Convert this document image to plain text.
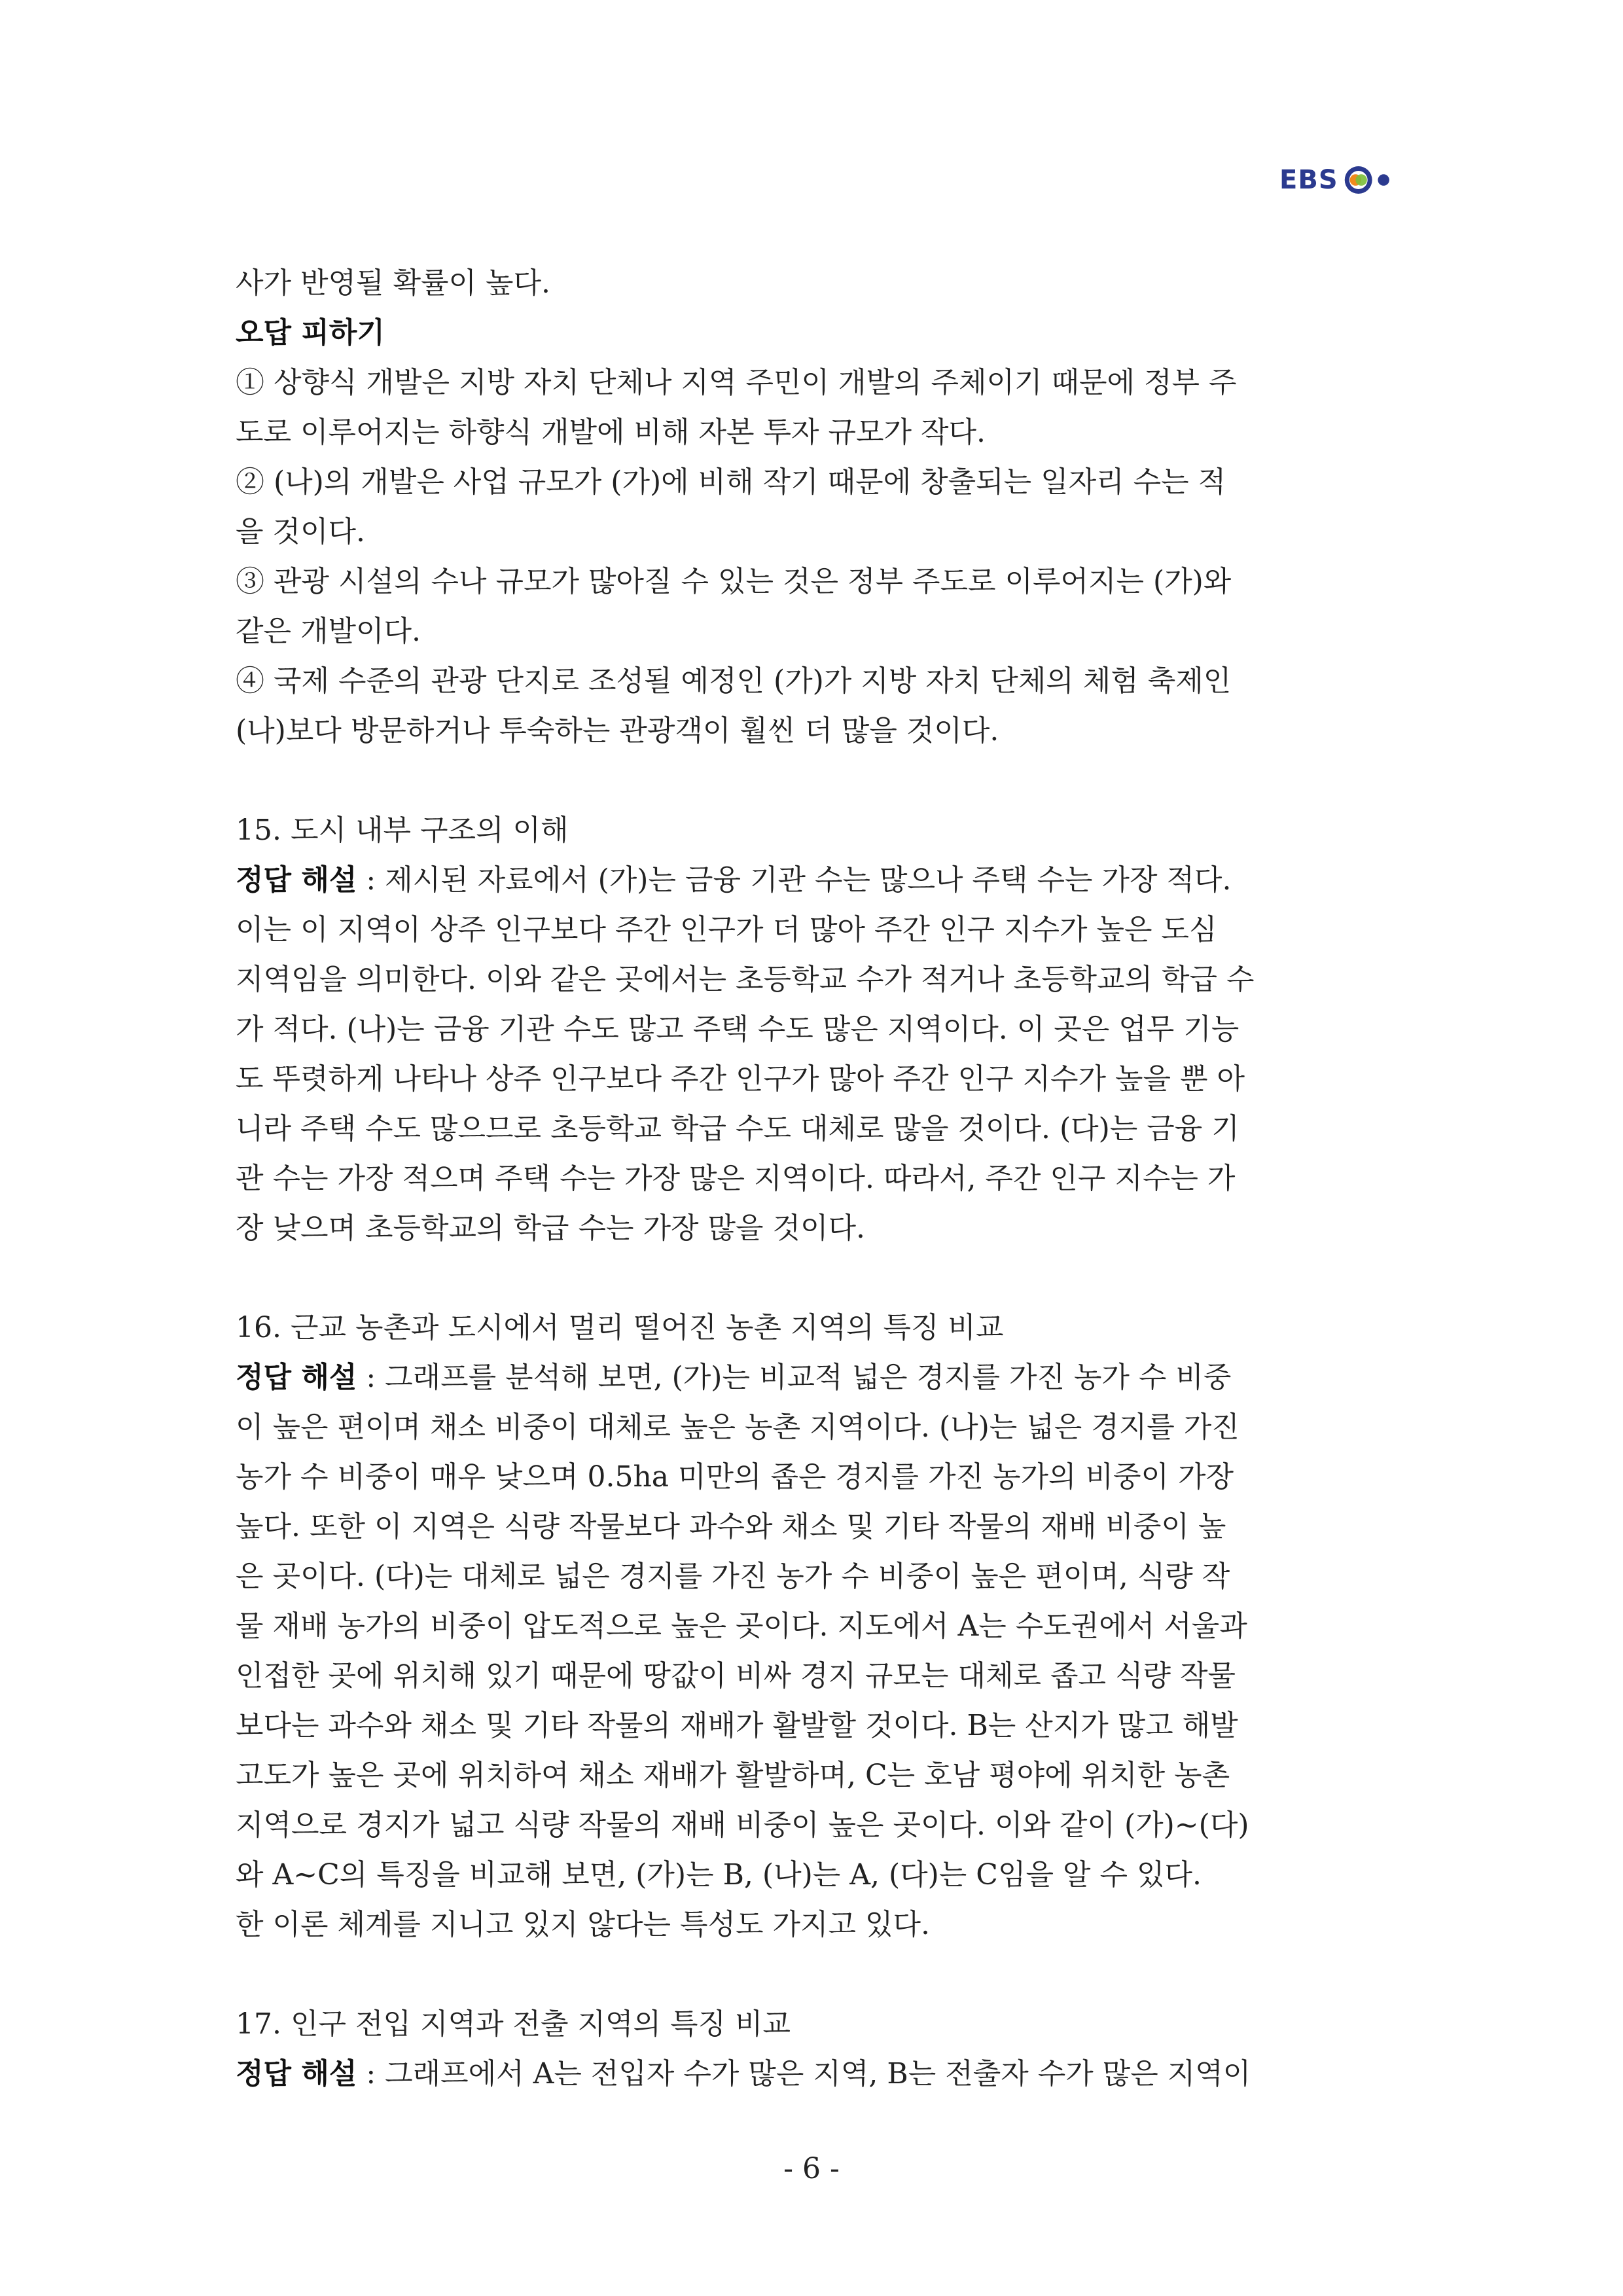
EBS
사가 반영될 확률이 높다.
오답 피하기
① 상향식 개발은 지방 자치 단체나 지역 주민이 개발의 주체이기 때문에 정부 주
도로 이루어지는 하향식 개발에 비해 자본 투자 규모가 작다.
② (나)의 개발은 사업 규모가 (가)에 비해 작기 때문에 창출되는 일자리 수는 적
을 것이다.
③ 관광 시설의 수나 규모가 많아질 수 있는 것은 정부 주도로 이루어지는 (가)와
같은 개발이다.
④ 국제 수준의 관광 단지로 조성될 예정인 (가)가 지방 자치 단체의 체험 축제인
(나)보다 방문하거나 투숙하는 관광객이 훨씬 더 많을 것이다.
15. 도시 내부 구조의 이해
정답 해설 : 제시된 자료에서 (가)는 금융 기관 수는 많으나 주택 수는 가장 적다.
이는 이 지역이 상주 인구보다 주간 인구가 더 많아 주간 인구 지수가 높은 도심
지역임을 의미한다. 이와 같은 곳에서는 초등학교 수가 적거나 초등학교의 학급 수
가 적다. (나)는 금융 기관 수도 많고 주택 수도 많은 지역이다. 이 곳은 업무 기능
도 뚜렷하게 나타나 상주 인구보다 주간 인구가 많아 주간 인구 지수가 높을 뿐 아
니라 주택 수도 많으므로 초등학교 학급 수도 대체로 많을 것이다. (다)는 금융 기
관 수는 가장 적으며 주택 수는 가장 많은 지역이다. 따라서, 주간 인구 지수는 가
장 낮으며 초등학교의 학급 수는 가장 많을 것이다.
16. 근교 농촌과 도시에서 멀리 떨어진 농촌 지역의 특징 비교
정답 해설 : 그래프를 분석해 보면, (가)는 비교적 넓은 경지를 가진 농가 수 비중
이 높은 편이며 채소 비중이 대체로 높은 농촌 지역이다. (나)는 넓은 경지를 가진
농가 수 비중이 매우 낮으며 0.5ha 미만의 좁은 경지를 가진 농가의 비중이 가장
높다. 또한 이 지역은 식량 작물보다 과수와 채소 및 기타 작물의 재배 비중이 높
은 곳이다. (다)는 대체로 넓은 경지를 가진 농가 수 비중이 높은 편이며, 식량 작
물 재배 농가의 비중이 압도적으로 높은 곳이다. 지도에서 A는 수도권에서 서울과
인접한 곳에 위치해 있기 때문에 땅값이 비싸 경지 규모는 대체로 좁고 식량 작물
보다는 과수와 채소 및 기타 작물의 재배가 활발할 것이다. B는 산지가 많고 해발
고도가 높은 곳에 위치하여 채소 재배가 활발하며, C는 호남 평야에 위치한 농촌
지역으로 경지가 넓고 식량 작물의 재배 비중이 높은 곳이다. 이와 같이 (가)~(다)
와 A~C의 특징을 비교해 보면, (가)는 B, (나)는 A, (다)는 C임을 알 수 있다.
한 이론 체계를 지니고 있지 않다는 특성도 가지고 있다.
17. 인구 전입 지역과 전출 지역의 특징 비교
정답 해설 : 그래프에서 A는 전입자 수가 많은 지역, B는 전출자 수가 많은 지역이
- 6 -
